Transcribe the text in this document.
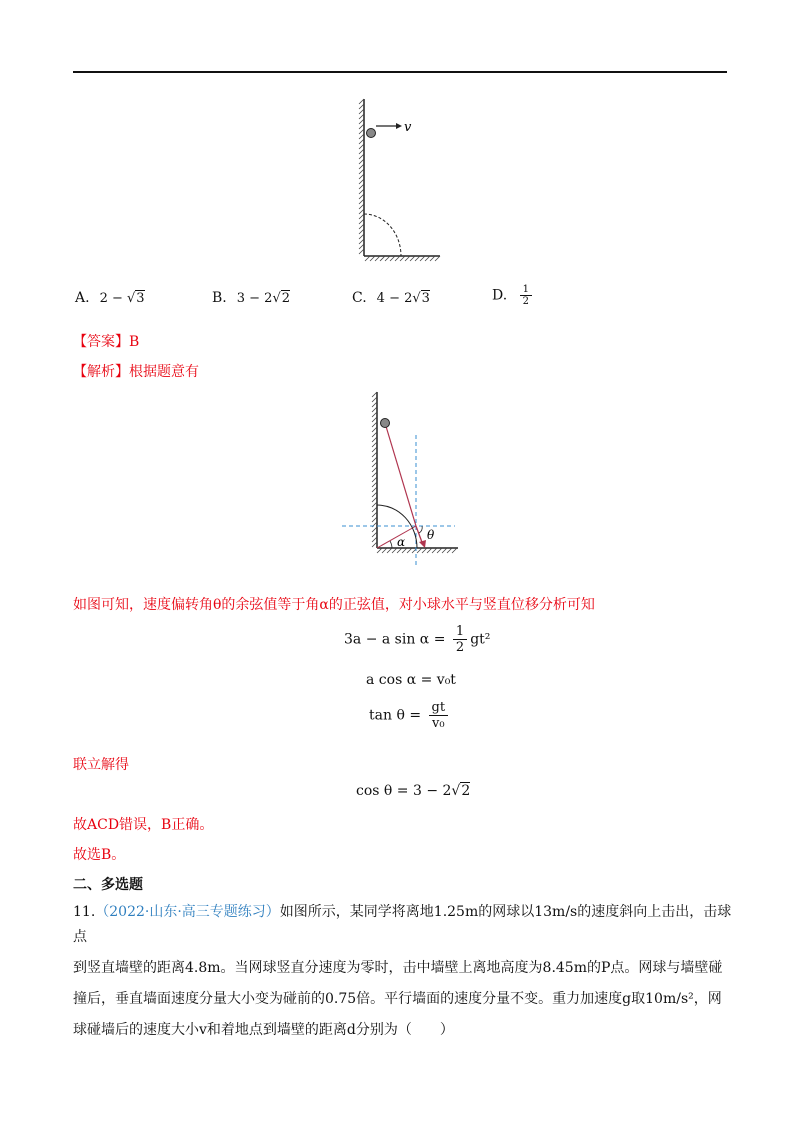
v
A. 2 − √3	B. 3 − 2√2	C. 4 − 2√3	D. $\frac{1}{2}$
【答案】B
【解析】根据题意有
θ
α
如图可知，速度偏转角θ的余弦值等于角α的正弦值，对小球水平与竖直位移分析可知
3a − a $\sin \alpha = \frac{1}{2} gt^2$
a cos α = v₀t
$\tan \theta = \frac{gt}{\text{v₀}}$
联立解得
cos θ = 3 − 2√2
故ACD错误，B正确。
故选B。
二、多选题
11.（2022·山东·高三专题练习）如图所示，某同学将离地1.25m的网球以13m/s的速度斜向上击出，击球点
到竖直墙壁的距离4.8m。当网球竖直分速度为零时，击中墙壁上离地高度为8.45m的P点。网球与墙壁碰
撞后，垂直墙面速度分量大小变为碰前的0.75倍。平行墙面的速度分量不变。重力加速度g取10m/s²，网
球碰墙后的速度大小v和着地点到墙壁的距离d分别为（　　）
